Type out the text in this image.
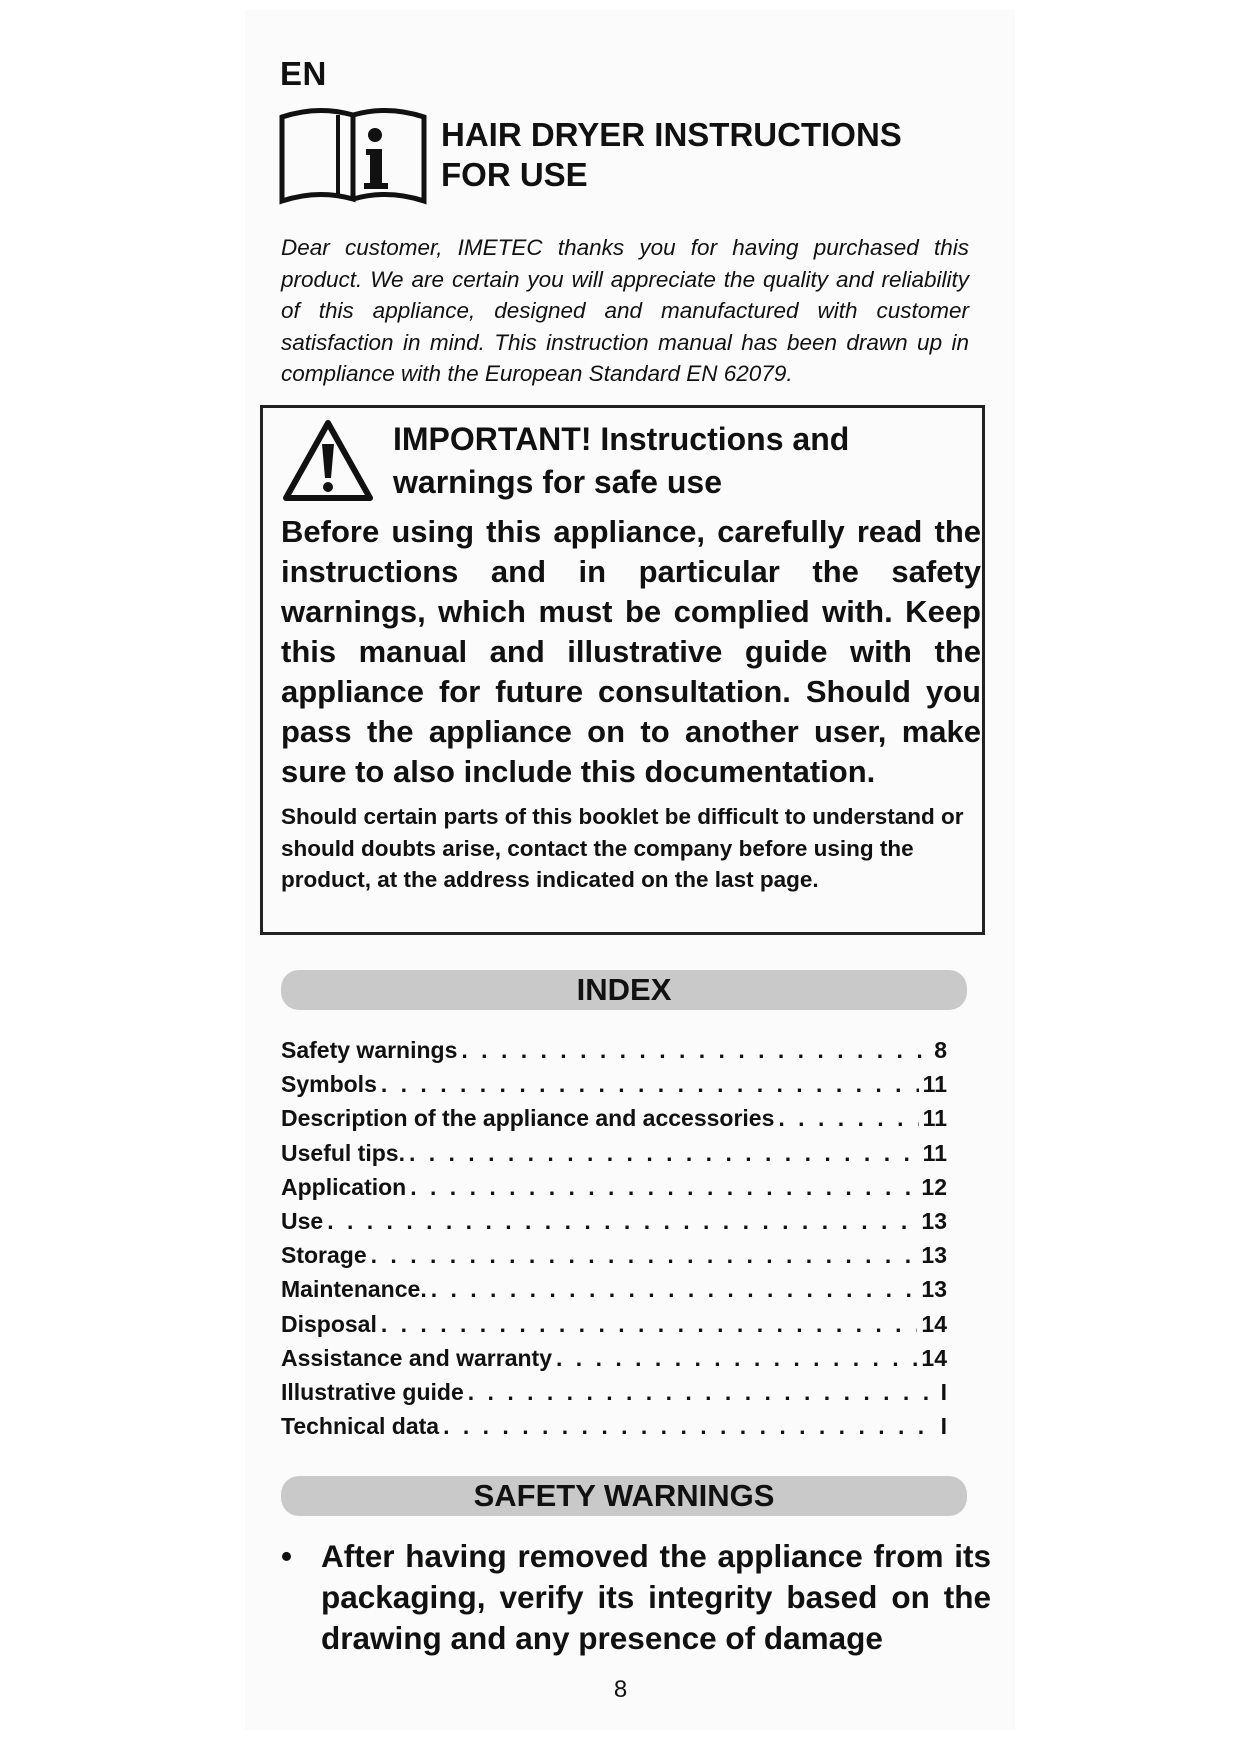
EN
HAIR DRYER INSTRUCTIONS
FOR USE
Dear customer, IMETEC thanks you for having purchased this product. We are certain you will appreciate the quality and reliability of this appliance, designed and manufactured with customer satisfaction in mind. This instruction manual has been drawn up in compliance with the European Standard EN 62079.
IMPORTANT! Instructions and
warnings for safe use
Before using this appliance, carefully read the instructions and in particular the safety warnings, which must be complied with. Keep this manual and illustrative guide with the appliance for future consultation. Should you pass the appliance on to another user, make sure to also include this documentation.
Should certain parts of this booklet be difficult to understand or should doubts arise, contact the company before using the product, at the address indicated on the last page.
INDEX
Safety warnings . . .	8
Symbols . . .	11
Description of the appliance and accessories . . .	11
Useful tips. . . .	11
Application . . .	12
Use . . .	13
Storage . . .	13
Maintenance. . . .	13
Disposal . . .	14
Assistance and warranty . . .	14
Illustrative guide . . .	I
Technical data . . .	I
SAFETY WARNINGS
• After having removed the appliance from its packaging, verify its integrity based on the drawing and any presence of damage
8
